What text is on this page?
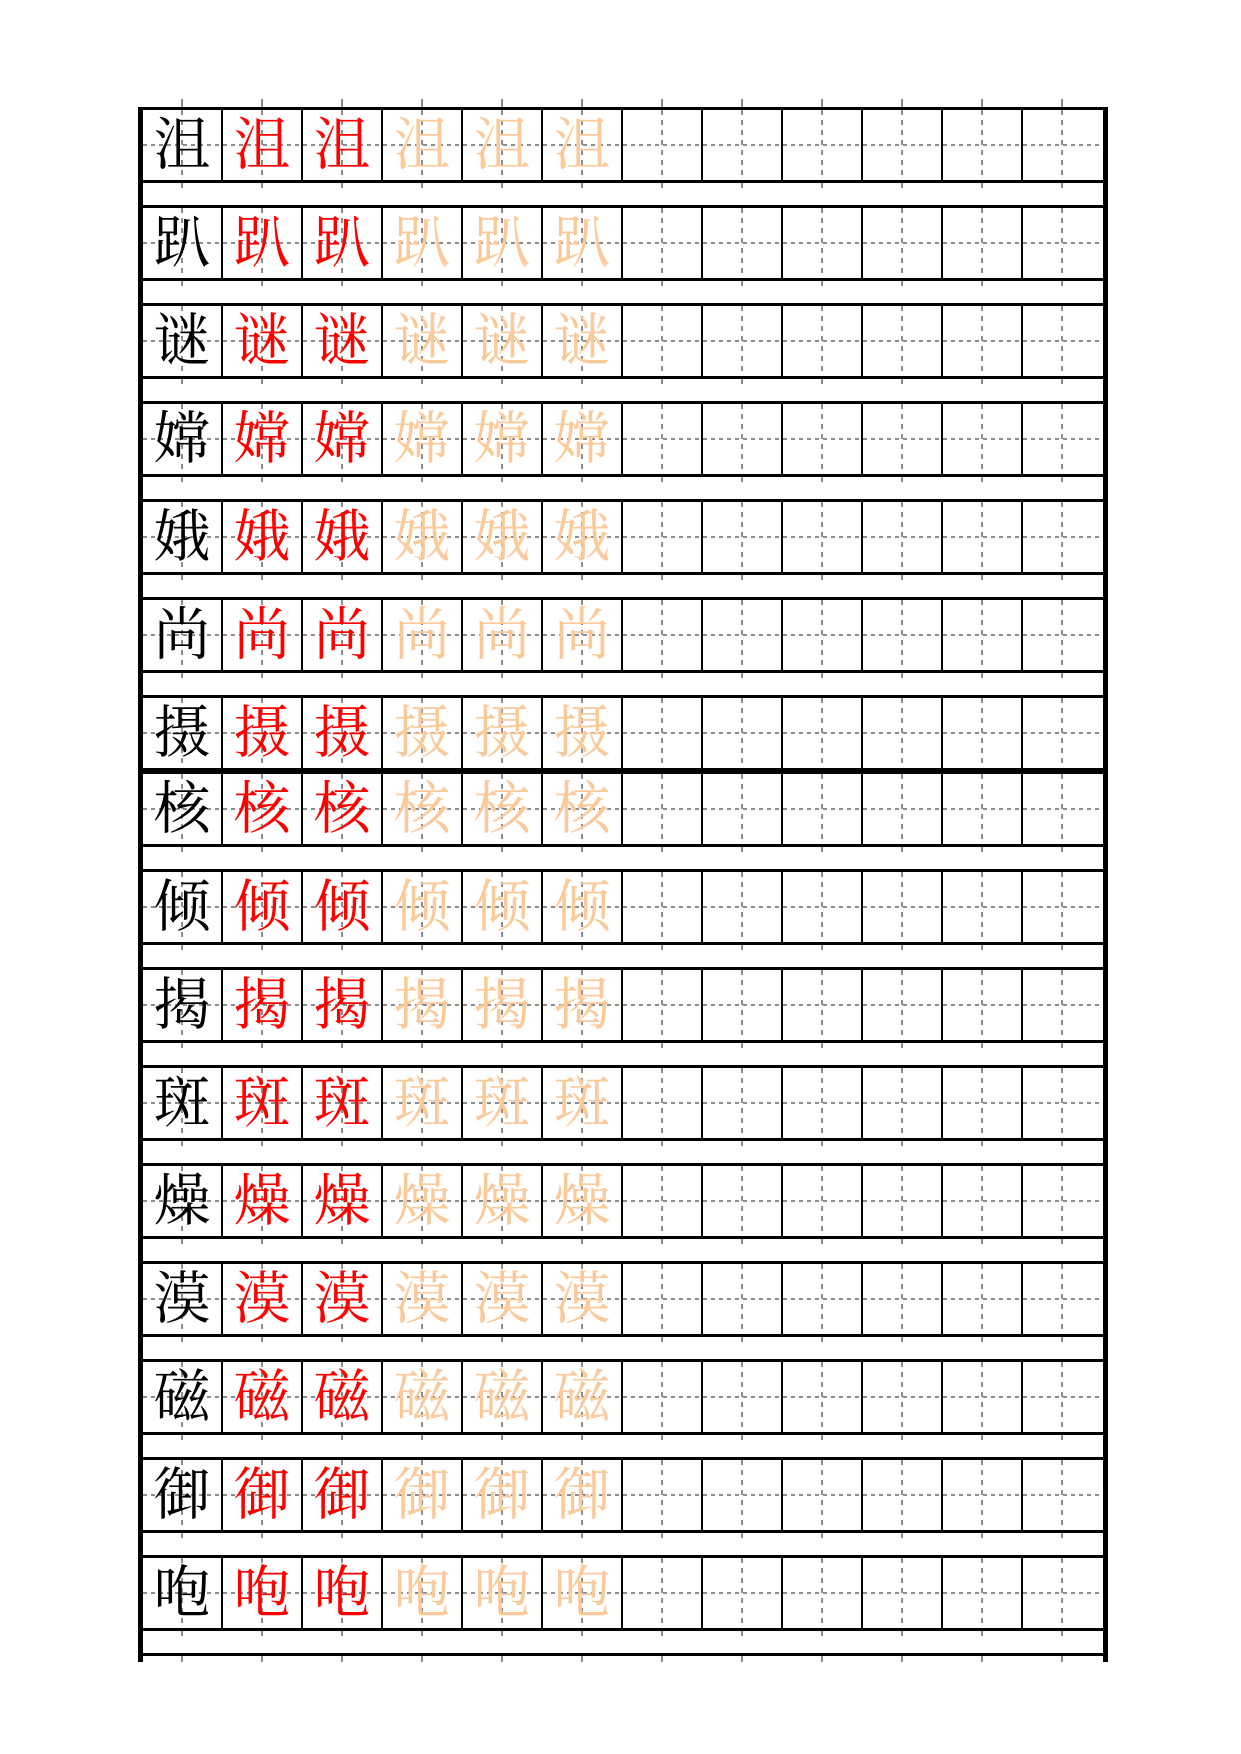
沮 沮 沮 沮 沮 沮
趴 趴 趴 趴 趴 趴
谜 谜 谜 谜 谜 谜
嫦 嫦 嫦 嫦 嫦 嫦
娥 娥 娥 娥 娥 娥
尚 尚 尚 尚 尚 尚
摄 摄 摄 摄 摄 摄
核 核 核 核 核 核
倾 倾 倾 倾 倾 倾
揭 揭 揭 揭 揭 揭
斑 斑 斑 斑 斑 斑
燥 燥 燥 燥 燥 燥
漠 漠 漠 漠 漠 漠
磁 磁 磁 磁 磁 磁
御 御 御 御 御 御
咆 咆 咆 咆 咆 咆
